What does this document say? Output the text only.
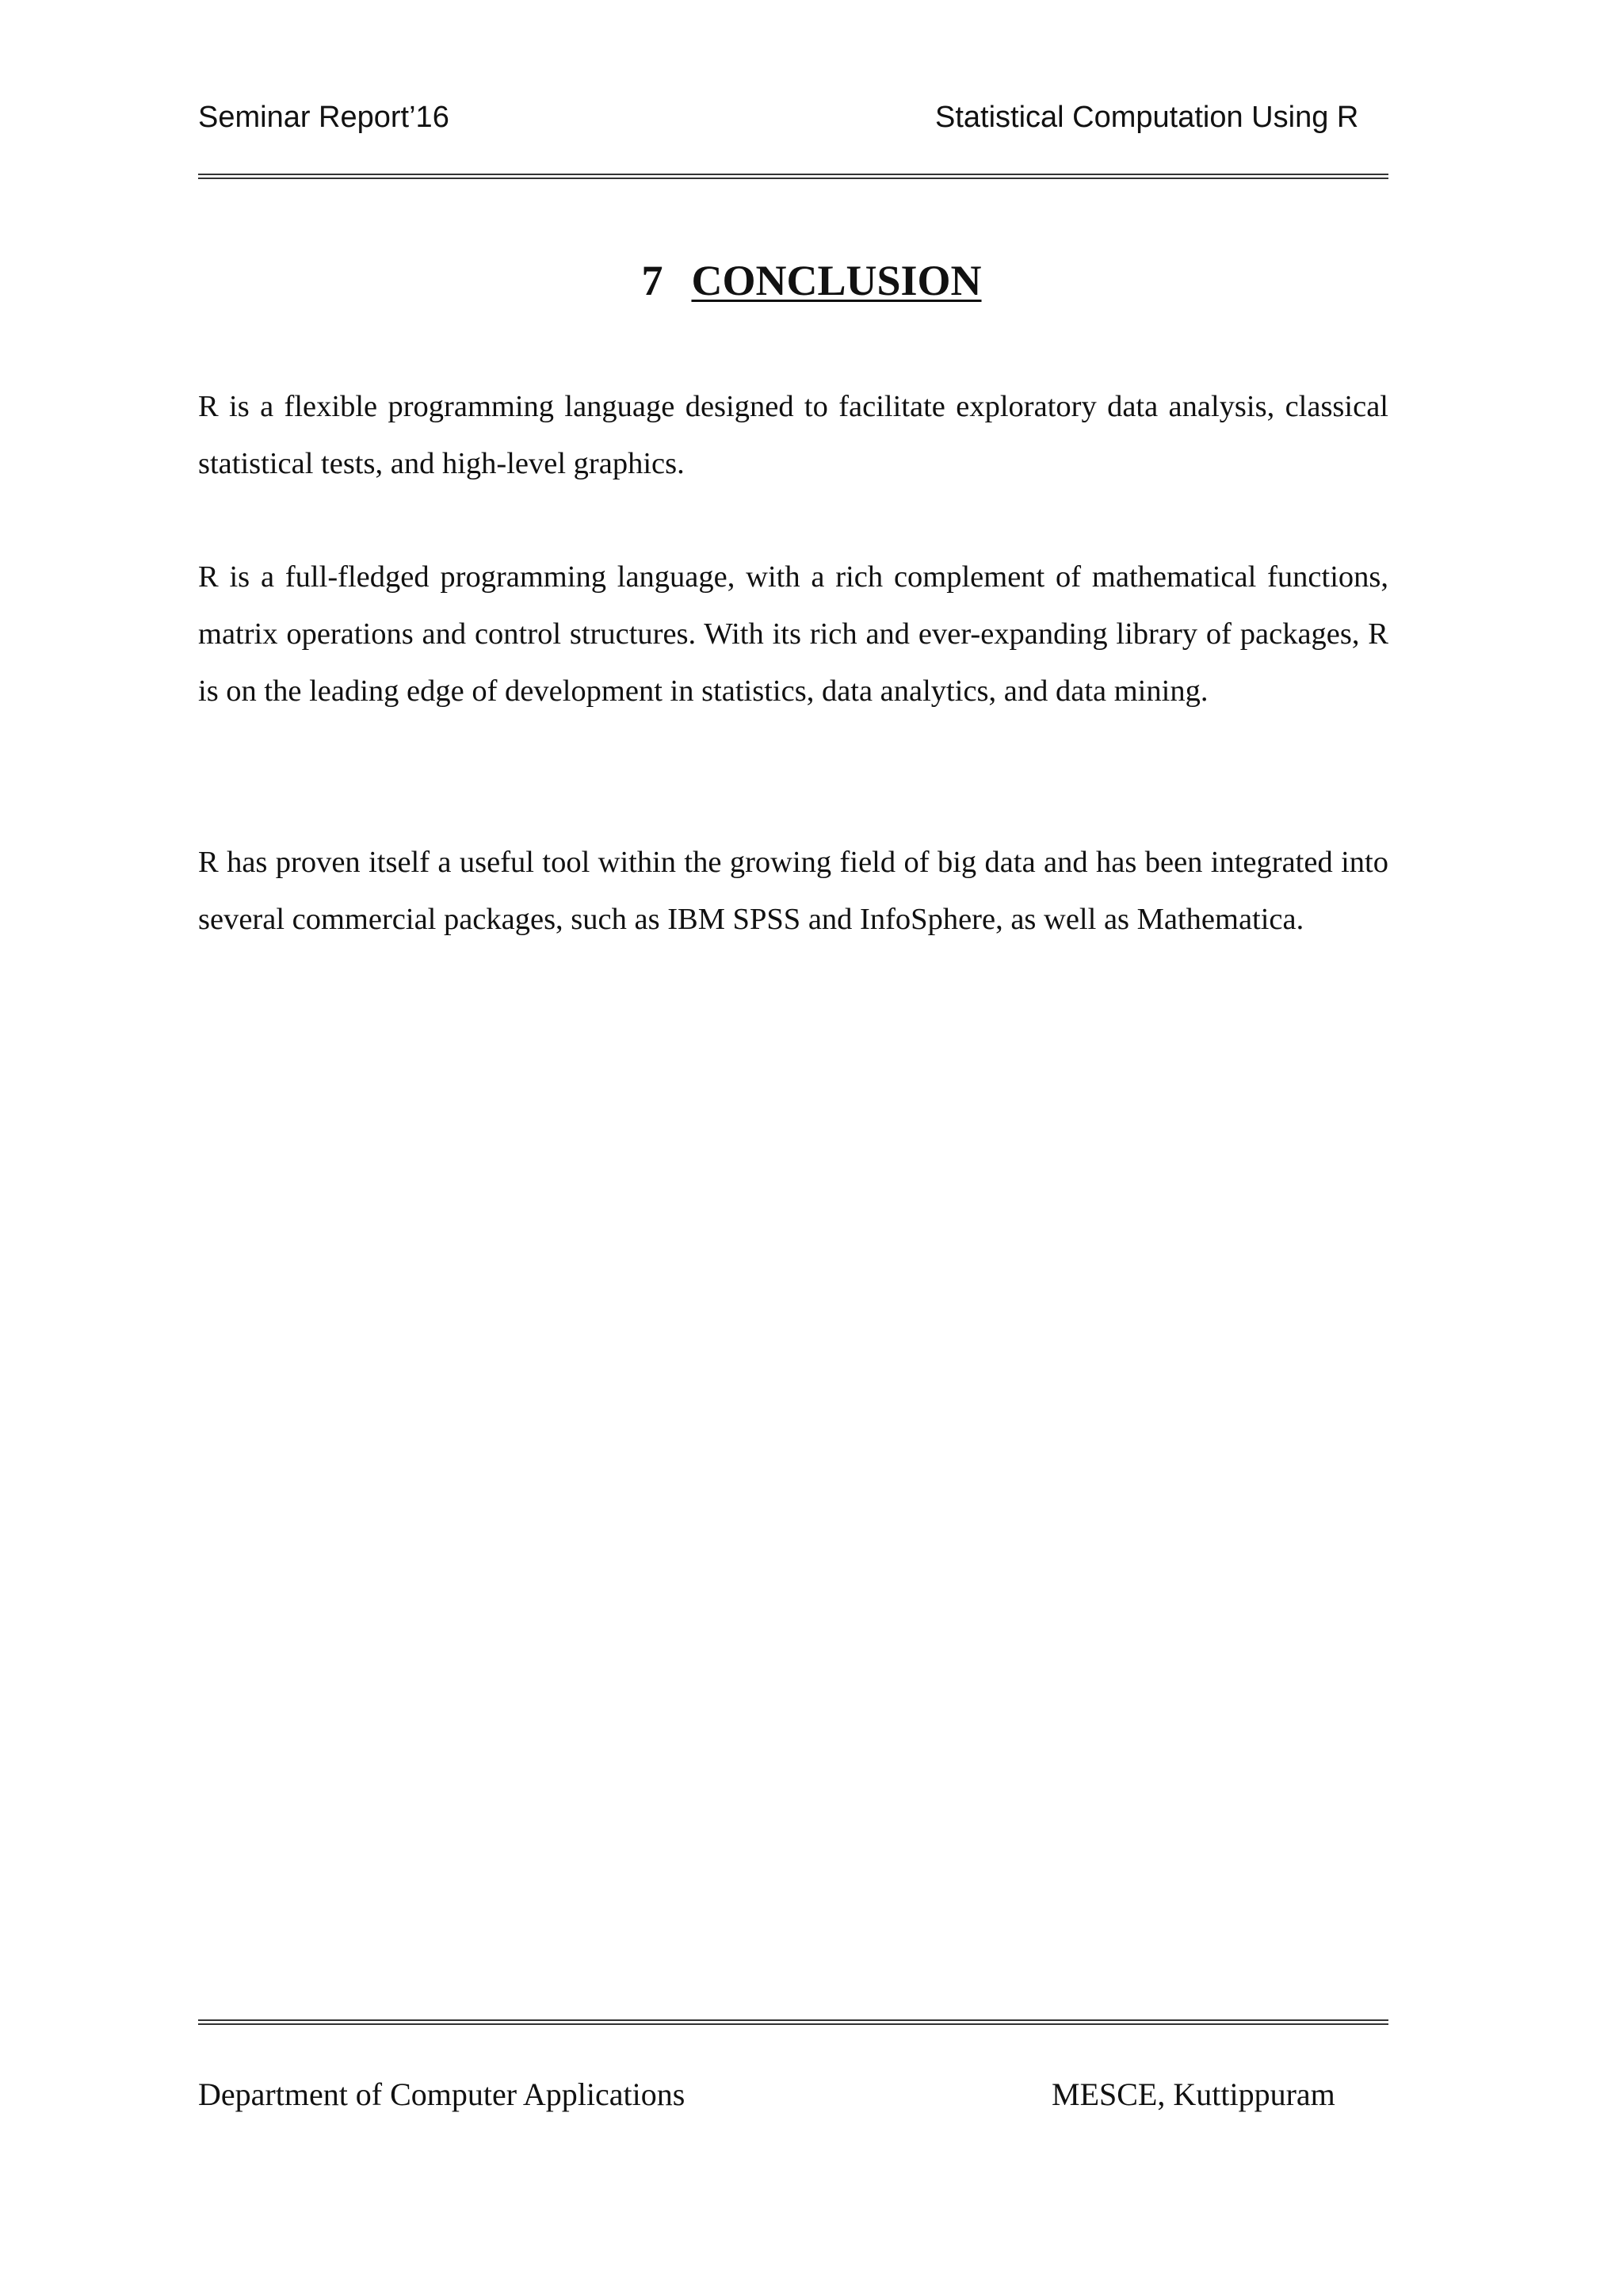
Seminar Report’16	Statistical Computation Using R
7 CONCLUSION

R is a flexible programming language designed to facilitate exploratory data analysis, classical statistical tests, and high-level graphics.

R is a full-fledged programming language, with a rich complement of mathematical functions, matrix operations and control structures. With its rich and ever-expanding library of packages, R is on the leading edge of development in statistics, data analytics, and data mining.

R has proven itself a useful tool within the growing field of big data and has been integrated into several commercial packages, such as IBM SPSS and InfoSphere, as well as Mathematica.

Department of Computer Applications	MESCE, Kuttippuram
